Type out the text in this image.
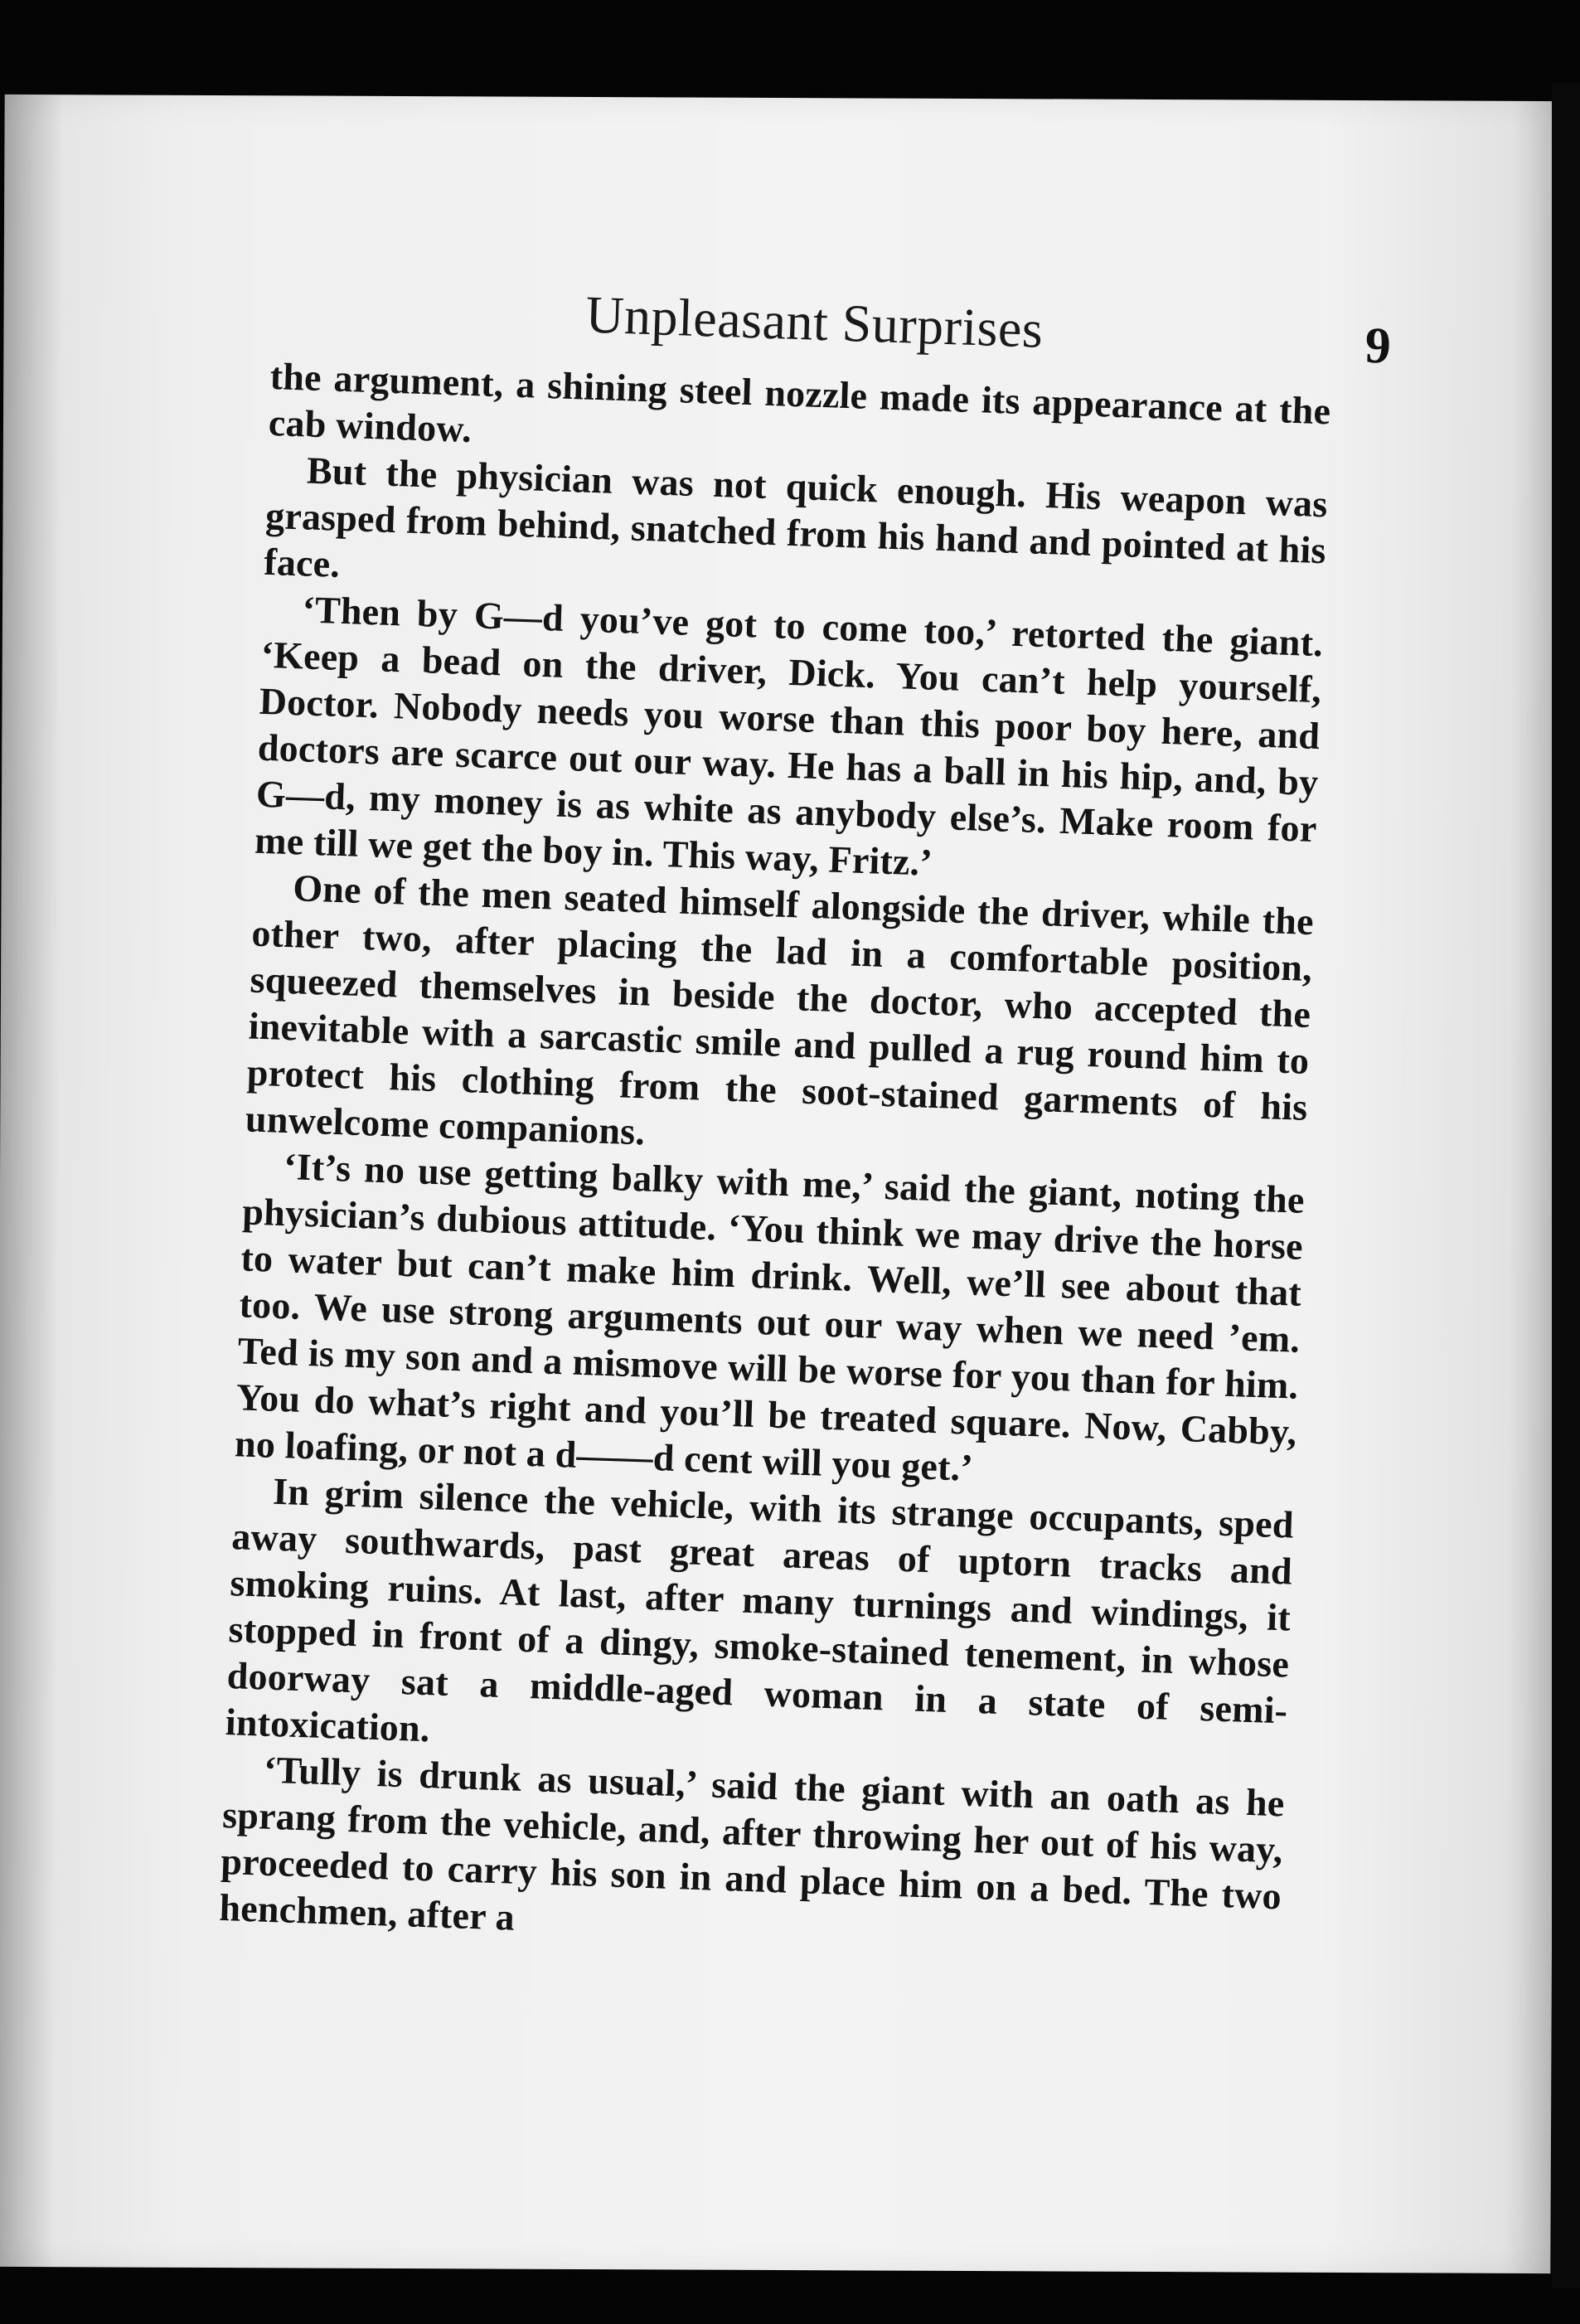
Unpleasant Surprises	9

the argument, a shining steel nozzle made its appearance at the cab window.

But the physician was not quick enough. His weapon was grasped from behind, snatched from his hand and pointed at his face.

‘Then by G—d you’ve got to come too,’ retorted the giant. ‘Keep a bead on the driver, Dick. You can’t help yourself, Doctor. Nobody needs you worse than this poor boy here, and doctors are scarce out our way. He has a ball in his hip, and, by G—d, my money is as white as anybody else’s. Make room for me till we get the boy in. This way, Fritz.’

One of the men seated himself alongside the driver, while the other two, after placing the lad in a comfortable position, squeezed themselves in beside the doctor, who accepted the inevitable with a sarcastic smile and pulled a rug round him to protect his clothing from the soot-stained garments of his unwelcome companions.

‘It’s no use getting balky with me,’ said the giant, noting the physician’s dubious attitude. ‘You think we may drive the horse to water but can’t make him drink. Well, we’ll see about that too. We use strong arguments out our way when we need ’em. Ted is my son and a mismove will be worse for you than for him. You do what’s right and you’ll be treated square. Now, Cabby, no loafing, or not a d——d cent will you get.’

In grim silence the vehicle, with its strange occupants, sped away southwards, past great areas of uptorn tracks and smoking ruins. At last, after many turnings and windings, it stopped in front of a dingy, smoke-stained tenement, in whose doorway sat a middle-aged woman in a state of semi-intoxication.

‘Tully is drunk as usual,’ said the giant with an oath as he sprang from the vehicle, and, after throwing her out of his way, proceeded to carry his son in and place him on a bed. The two henchmen, after a
